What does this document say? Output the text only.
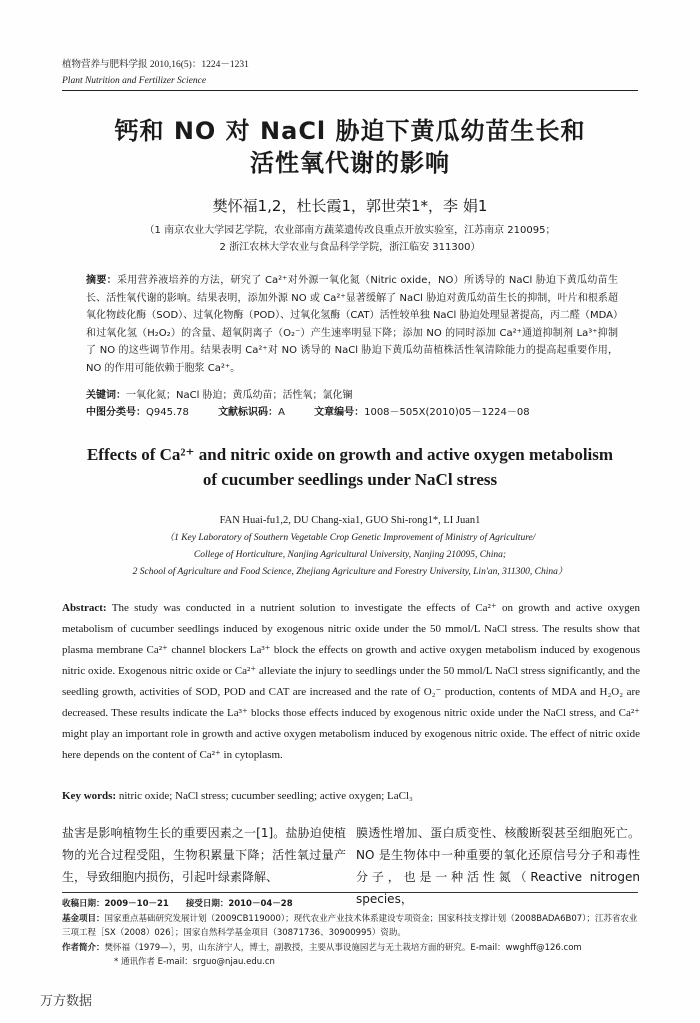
植物营养与肥料学报 2010,16(5)：1224－1231
Plant Nutrition and Fertilizer Science
钙和 NO 对 NaCl 胁迫下黄瓜幼苗生长和
活性氧代谢的影响
樊怀福1,2，杜长霞1，郭世荣1*，李 娟1
（1 南京农业大学园艺学院，农业部南方蔬菜遗传改良重点开放实验室，江苏南京 210095；
2 浙江农林大学农业与食品科学学院，浙江临安 311300）
摘要：采用营养液培养的方法，研究了 Ca²⁺对外源一氧化氮（Nitric oxide，NO）所诱导的 NaCl 胁迫下黄瓜幼苗生长、活性氧代谢的影响。结果表明，添加外源 NO 或 Ca²⁺显著缓解了 NaCl 胁迫对黄瓜幼苗生长的抑制，叶片和根系超氧化物歧化酶（SOD）、过氧化物酶（POD）、过氧化氢酶（CAT）活性较单独 NaCl 胁迫处理显著提高，丙二醛（MDA）和过氧化氢（H₂O₂）的含量、超氧阴离子（O₂⁻）产生速率明显下降；添加 NO 的同时添加 Ca²⁺通道抑制剂 La³⁺抑制了 NO 的这些调节作用。结果表明 Ca²⁺对 NO 诱导的 NaCl 胁迫下黄瓜幼苗植株活性氧清除能力的提高起重要作用，NO 的作用可能依赖于胞浆 Ca²⁺。
关键词：一氧化氮；NaCl 胁迫；黄瓜幼苗；活性氧；氯化镧
中图分类号：Q945.78	文献标识码：A	文章编号：1008－505X(2010)05－1224－08
Effects of Ca²⁺ and nitric oxide on growth and active oxygen metabolism
of cucumber seedlings under NaCl stress
FAN Huai-fu1,2, DU Chang-xia1, GUO Shi-rong1*, LI Juan1
（1 Key Laboratory of Southern Vegetable Crop Genetic Improvement of Ministry of Agriculture/
College of Horticulture, Nanjing Agricultural University, Nanjing 210095, China;
2 School of Agriculture and Food Science, Zhejiang Agriculture and Forestry University, Lin'an, 311300, China）
Abstract: The study was conducted in a nutrient solution to investigate the effects of Ca²⁺ on growth and active oxygen metabolism of cucumber seedlings induced by exogenous nitric oxide under the 50 mmol/L NaCl stress. The results show that plasma membrane Ca²⁺ channel blockers La³⁺ block the effects on growth and active oxygen metabolism induced by exogenous nitric oxide. Exogenous nitric oxide or Ca²⁺ alleviate the injury to seedlings under the 50 mmol/L NaCl stress significantly, and the seedling growth, activities of SOD, POD and CAT are increased and the rate of O₂⁻ production, contents of MDA and H₂O₂ are decreased. These results indicate the La³⁺ blocks those effects induced by exogenous nitric oxide under the NaCl stress, and Ca²⁺ might play an important role in growth and active oxygen metabolism induced by exogenous nitric oxide. The effect of nitric oxide here depends on the content of Ca²⁺ in cytoplasm.
Key words: nitric oxide; NaCl stress; cucumber seedling; active oxygen; LaCl₃
盐害是影响植物生长的重要因素之一[1]。盐胁迫使植物的光合过程受阻，生物积累量下降；活性氧过量产生，导致细胞内损伤，引起叶绿素降解、
膜透性增加、蛋白质变性、核酸断裂甚至细胞死亡。NO 是生物体中一种重要的氧化还原信号分子和毒性分子，也是一种活性氮（Reactive nitrogen species，
收稿日期：2009－10－21　　接受日期：2010－04－28
基金项目：国家重点基础研究发展计划（2009CB119000）；现代农业产业技术体系建设专项资金；国家科技支撑计划（2008BADA6B07）；江苏省农业三项工程［SX（2008）026］；国家自然科学基金项目（30871736、30900995）资助。
作者简介：樊怀福（1979—），男，山东济宁人，博士，副教授，主要从事设施园艺与无土栽培方面的研究。E-mail：wwghff@126.com
* 通讯作者 E-mail：srguo@njau.edu.cn
万方数据
